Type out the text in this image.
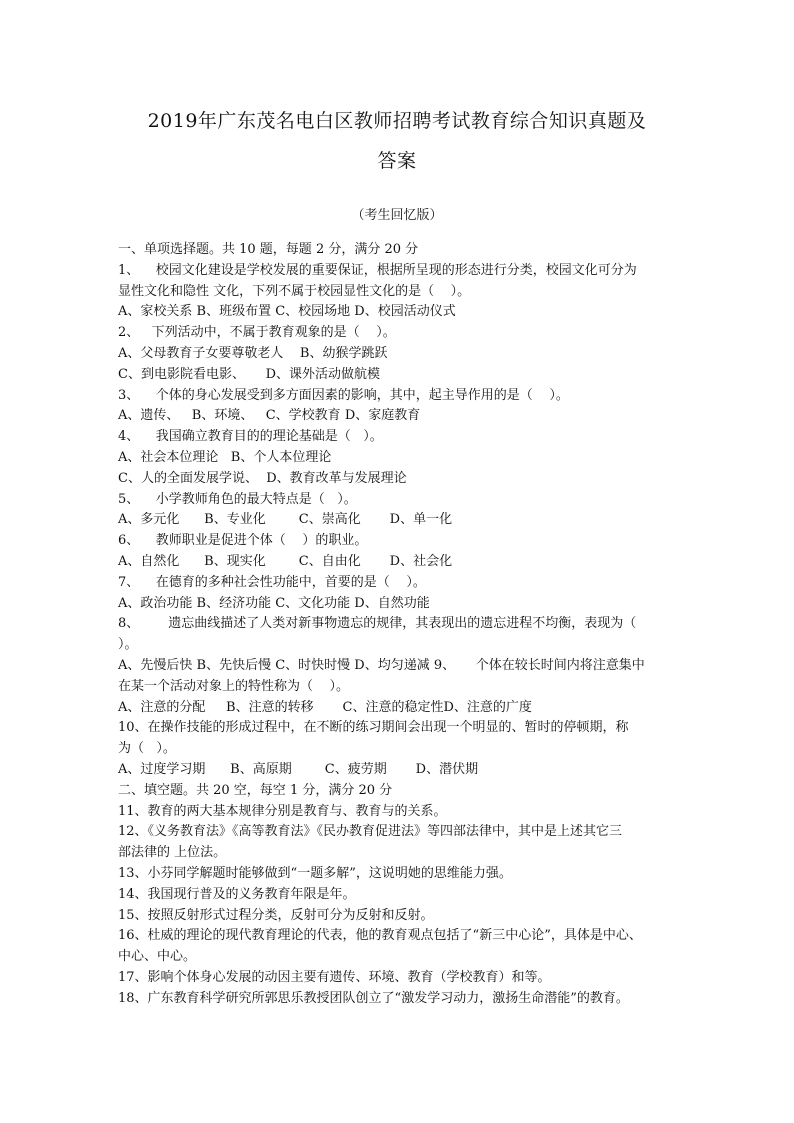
2019年广东茂名电白区教师招聘考试教育综合知识真题及
答案
（考生回忆版）
一、单项选择题。共 10 题，每题 2 分，满分 20 分
1、    校园文化建设是学校发展的重要保证，根据所呈现的形态进行分类，校园文化可分为
显性文化和隐性 文化，下列不属于校园显性文化的是（    ）。
A、家校关系 B、班级布置 C、校园场地 D、校园活动仪式
2、   下列活动中，不属于教育观象的是（    ）。
A、父母教育子女要尊敬老人    B、幼猴学跳跃
C、到电影院看电影、     D、课外活动做航模
3、    个体的身心发展受到多方面因素的影响，其中，起主导作用的是（    ）。
A、遗传、   B、环境、   C、学校教育 D、家庭教育
4、    我国确立教育目的的理论基础是（   ）。
A、社会本位理论   B、个人本位理论
C、人的全面发展学说、  D、教育改革与发展理论
5、    小学教师角色的最大特点是（   ）。
A、多元化      B、专业化        C、崇高化       D、单一化
6、    教师职业是促进个体（    ）的职业。
A、自然化      B、现实化        C、自由化       D、社会化
7、    在德育的多种社会性功能中，首要的是（    ）。
A、政治功能 B、经济功能 C、文化功能 D、自然功能
8、       遗忘曲线描述了人类对新事物遗忘的规律，其表现出的遗忘进程不均衡，表现为（
）。
A、先慢后快 B、先快后慢 C、时快时慢 D、均匀递减 9、     个体在较长时间内将注意集中
在某一个活动对象上的特性称为（    ）。
A、注意的分配     B、注意的转移       C、注意的稳定性D、注意的广度
10、在操作技能的形成过程中，在不断的练习期间会出现一个明显的、暂时的停顿期，称
为（   ）。
A、过度学习期      B、高原期        C、疲劳期       D、潜伏期
二、填空题。共 20 空，每空 1 分，满分 20 分
11、教育的两大基本规律分别是教育与、教育与的关系。
12、《义务教育法》《高等教育法》《民办教育促进法》等四部法律中，其中是上述其它三
部法律的 上位法。
13、小芬同学解题时能够做到“一题多解”，这说明她的思维能力强。
14、我国现行普及的义务教育年限是年。
15、按照反射形式过程分类，反射可分为反射和反射。
16、杜威的理论的现代教育理论的代表，他的教育观点包括了“新三中心论”，具体是中心、
中心、中心。
17、影响个体身心发展的动因主要有遗传、环境、教育（学校教育）和等。
18、广东教育科学研究所郭思乐教授团队创立了“激发学习动力，激扬生命潜能”的教育。
